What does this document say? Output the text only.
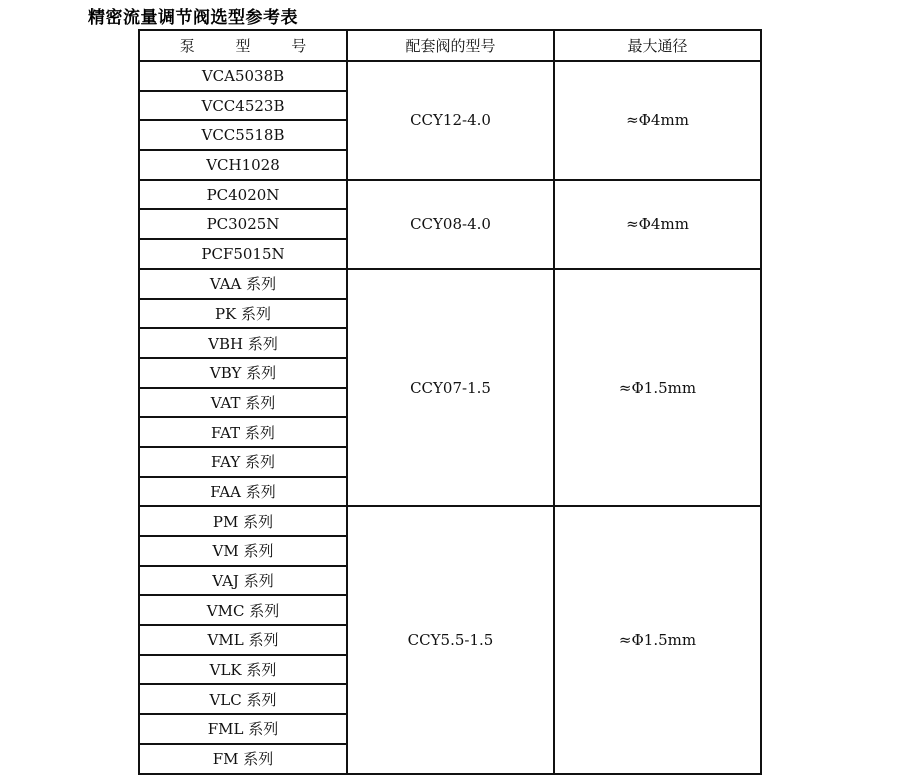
精密流量调节阀选型参考表
泵 型 号	配套阀的型号	最大通径
VCA5038B	CCY12-4.0	≈Φ4mm
VCC4523B		
VCC5518B		
VCH1028		
PC4020N	CCY08-4.0	≈Φ4mm
PC3025N		
PCF5015N		
VAA 系列	CCY07-1.5	≈Φ1.5mm
PK 系列		
VBH 系列		
VBY 系列		
VAT 系列		
FAT 系列		
FAY 系列		
FAA 系列		
PM 系列	CCY5.5-1.5	≈Φ1.5mm
VM 系列		
VAJ 系列		
VMC 系列		
VML 系列		
VLK 系列		
VLC 系列		
FML 系列		
FM 系列		
